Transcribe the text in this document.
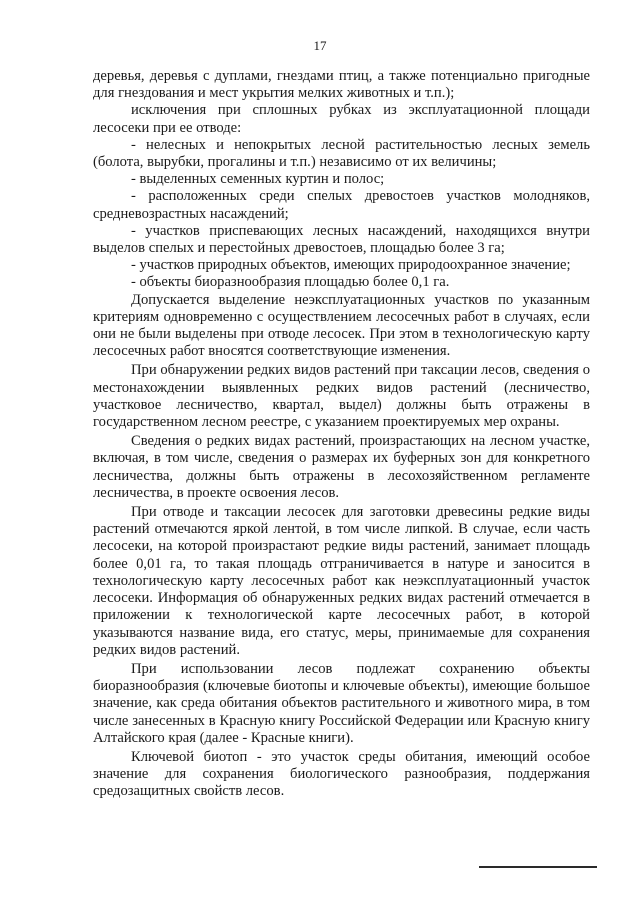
17

деревья, деревья с дуплами, гнездами птиц, а также потенциально пригодные для гнездования и мест укрытия мелких животных и т.п.);

исключения при сплошных рубках из эксплуатационной площади лесосеки при ее отводе:

- нелесных и непокрытых лесной растительностью лесных земель (болота, вырубки, прогалины и т.п.) независимо от их величины;

- выделенных семенных куртин и полос;

- расположенных среди спелых древостоев участков молодняков, средневозрастных насаждений;

- участков приспевающих лесных насаждений, находящихся внутри выделов спелых и перестойных древостоев, площадью более 3 га;

- участков природных объектов, имеющих природоохранное значение;

- объекты биоразнообразия площадью более 0,1 га.

Допускается выделение неэксплуатационных участков по указанным критериям одновременно с осуществлением лесосечных работ в случаях, если они не были выделены при отводе лесосек. При этом в технологическую карту лесосечных работ вносятся соответствующие изменения.

При обнаружении редких видов растений при таксации лесов, сведения о местонахождении выявленных редких видов растений (лесничество, участковое лесничество, квартал, выдел) должны быть отражены в государственном лесном реестре, с указанием проектируемых мер охраны.

Сведения о редких видах растений, произрастающих на лесном участке, включая, в том числе, сведения о размерах их буферных зон для конкретного лесничества, должны быть отражены в лесохозяйственном регламенте лесничества, в проекте освоения лесов.

При отводе и таксации лесосек для заготовки древесины редкие виды растений отмечаются яркой лентой, в том числе липкой. В случае, если часть лесосеки, на которой произрастают редкие виды растений, занимает площадь более 0,01 га, то такая площадь отграничивается в натуре и заносится в технологическую карту лесосечных работ как неэксплуатационный участок лесосеки. Информация об обнаруженных редких видах растений отмечается в приложении к технологической карте лесосечных работ, в которой указываются название вида, его статус, меры, принимаемые для сохранения редких видов растений.

При использовании лесов подлежат сохранению объекты биоразнообразия (ключевые биотопы и ключевые объекты), имеющие большое значение, как среда обитания объектов растительного и животного мира, в том числе занесенных в Красную книгу Российской Федерации или Красную книгу Алтайского края (далее - Красные книги).

Ключевой биотоп - это участок среды обитания, имеющий особое значение для сохранения биологического разнообразия, поддержания средозащитных свойств лесов.
